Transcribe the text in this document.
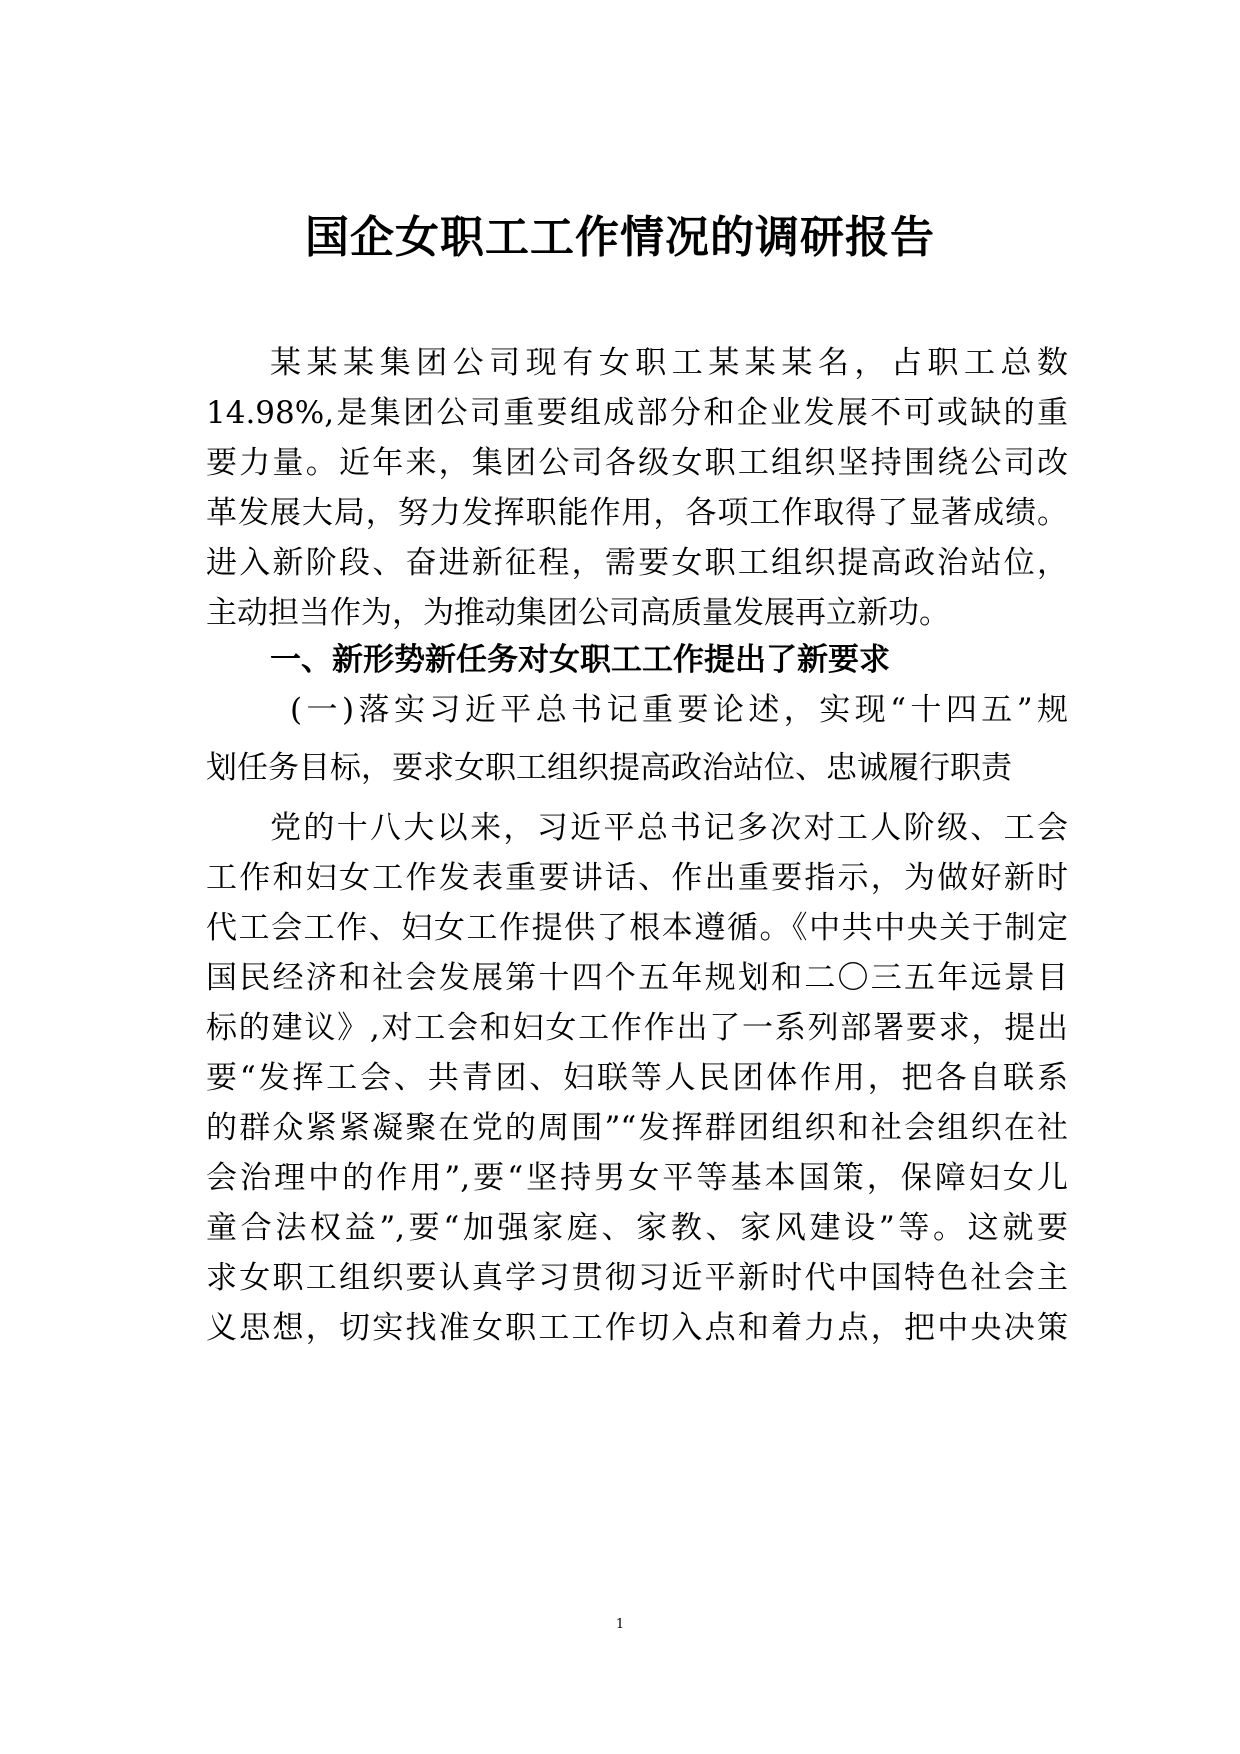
国企女职工工作情况的调研报告

某某某集团公司现有女职工某某某名，占职工总数

14.98%,是集团公司重要组成部分和企业发展不可或缺的重

要力量。近年来，集团公司各级女职工组织坚持围绕公司改

革发展大局，努力发挥职能作用，各项工作取得了显著成绩。

进入新阶段、奋进新征程，需要女职工组织提高政治站位，

主动担当作为，为推动集团公司高质量发展再立新功。

一、新形势新任务对女职工工作提出了新要求

(一)落实习近平总书记重要论述，实现“十四五”规

划任务目标，要求女职工组织提高政治站位、忠诚履行职责

党的十八大以来，习近平总书记多次对工人阶级、工会

工作和妇女工作发表重要讲话、作出重要指示，为做好新时

代工会工作、妇女工作提供了根本遵循。《中共中央关于制定

国民经济和社会发展第十四个五年规划和二〇三五年远景目

标的建议》,对工会和妇女工作作出了一系列部署要求，提出

要“发挥工会、共青团、妇联等人民团体作用，把各自联系

的群众紧紧凝聚在党的周围”“发挥群团组织和社会组织在社

会治理中的作用”,要“坚持男女平等基本国策，保障妇女儿

童合法权益”,要“加强家庭、家教、家风建设”等。这就要

求女职工组织要认真学习贯彻习近平新时代中国特色社会主

义思想，切实找准女职工工作切入点和着力点，把中央决策

1
